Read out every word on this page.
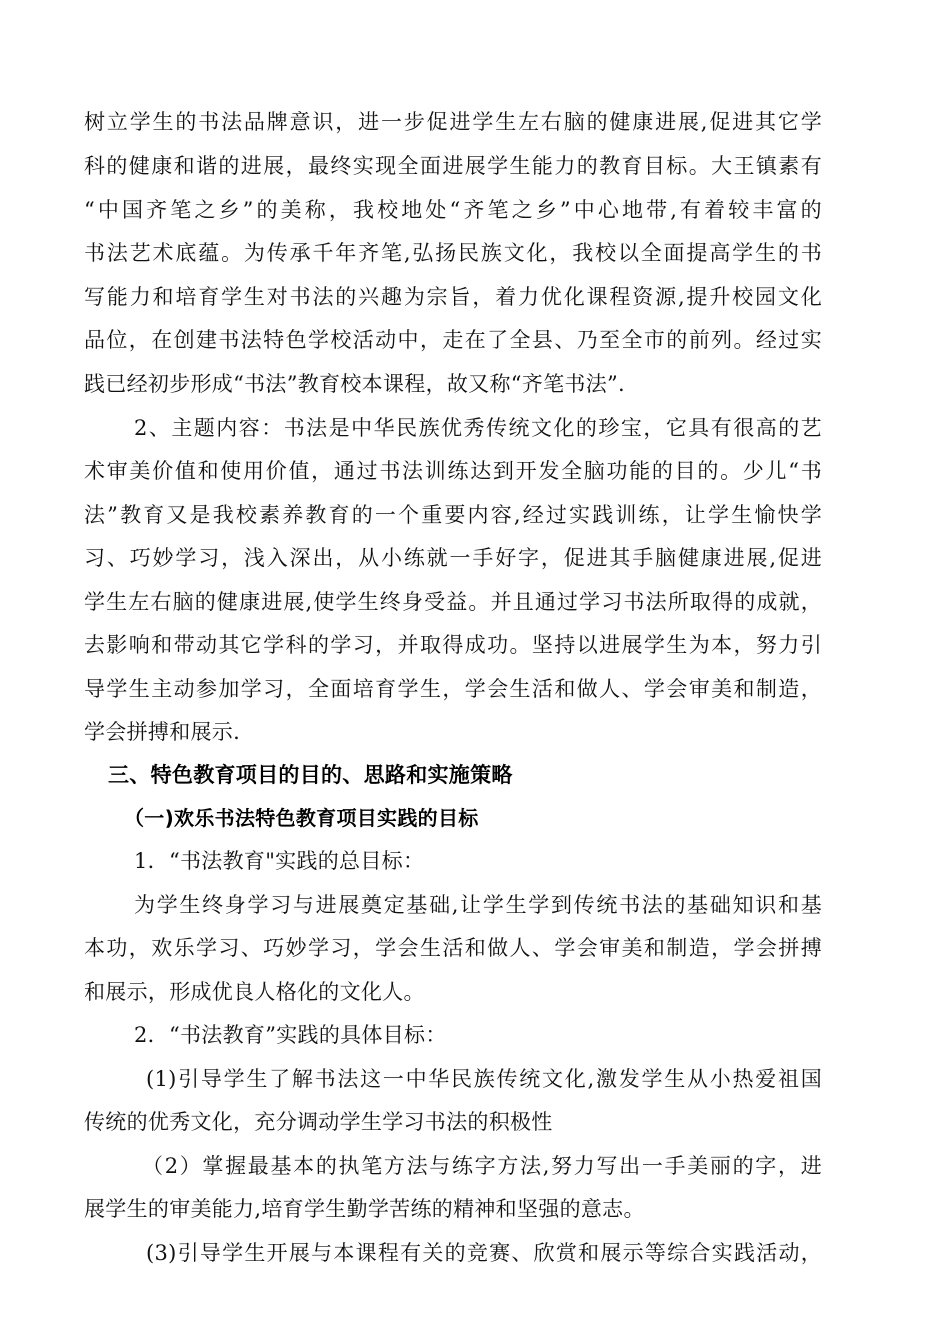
树立学生的书法品牌意识，进一步促进学生左右脑的健康进展,促进其它学
科的健康和谐的进展，最终实现全面进展学生能力的教育目标。大王镇素有
“中国齐笔之乡”的美称，我校地处“齐笔之乡”中心地带,有着较丰富的
书法艺术底蕴。为传承千年齐笔,弘扬民族文化，我校以全面提高学生的书
写能力和培育学生对书法的兴趣为宗旨，着力优化课程资源,提升校园文化
品位，在创建书法特色学校活动中，走在了全县、乃至全市的前列。经过实
践已经初步形成“书法”教育校本课程，故又称“齐笔书法”.
2、主题内容：书法是中华民族优秀传统文化的珍宝，它具有很高的艺
术审美价值和使用价值，通过书法训练达到开发全脑功能的目的。少儿“书
法”教育又是我校素养教育的一个重要内容,经过实践训练，让学生愉快学
习、巧妙学习，浅入深出，从小练就一手好字，促进其手脑健康进展,促进
学生左右脑的健康进展,使学生终身受益。并且通过学习书法所取得的成就，
去影响和带动其它学科的学习，并取得成功。坚持以进展学生为本，努力引
导学生主动参加学习，全面培育学生，学会生活和做人、学会审美和制造，
学会拼搏和展示.
三、特色教育项目的目的、思路和实施策略
（一)欢乐书法特色教育项目实践的目标
1．“书法教育"实践的总目标：
为学生终身学习与进展奠定基础,让学生学到传统书法的基础知识和基
本功，欢乐学习、巧妙学习，学会生活和做人、学会审美和制造，学会拼搏
和展示，形成优良人格化的文化人。
2．“书法教育”实践的具体目标：
(1)引导学生了解书法这一中华民族传统文化,激发学生从小热爱祖国
传统的优秀文化，充分调动学生学习书法的积极性
（2）掌握最基本的执笔方法与练字方法,努力写出一手美丽的字，进
展学生的审美能力,培育学生勤学苦练的精神和坚强的意志。
(3)引导学生开展与本课程有关的竞赛、欣赏和展示等综合实践活动，
